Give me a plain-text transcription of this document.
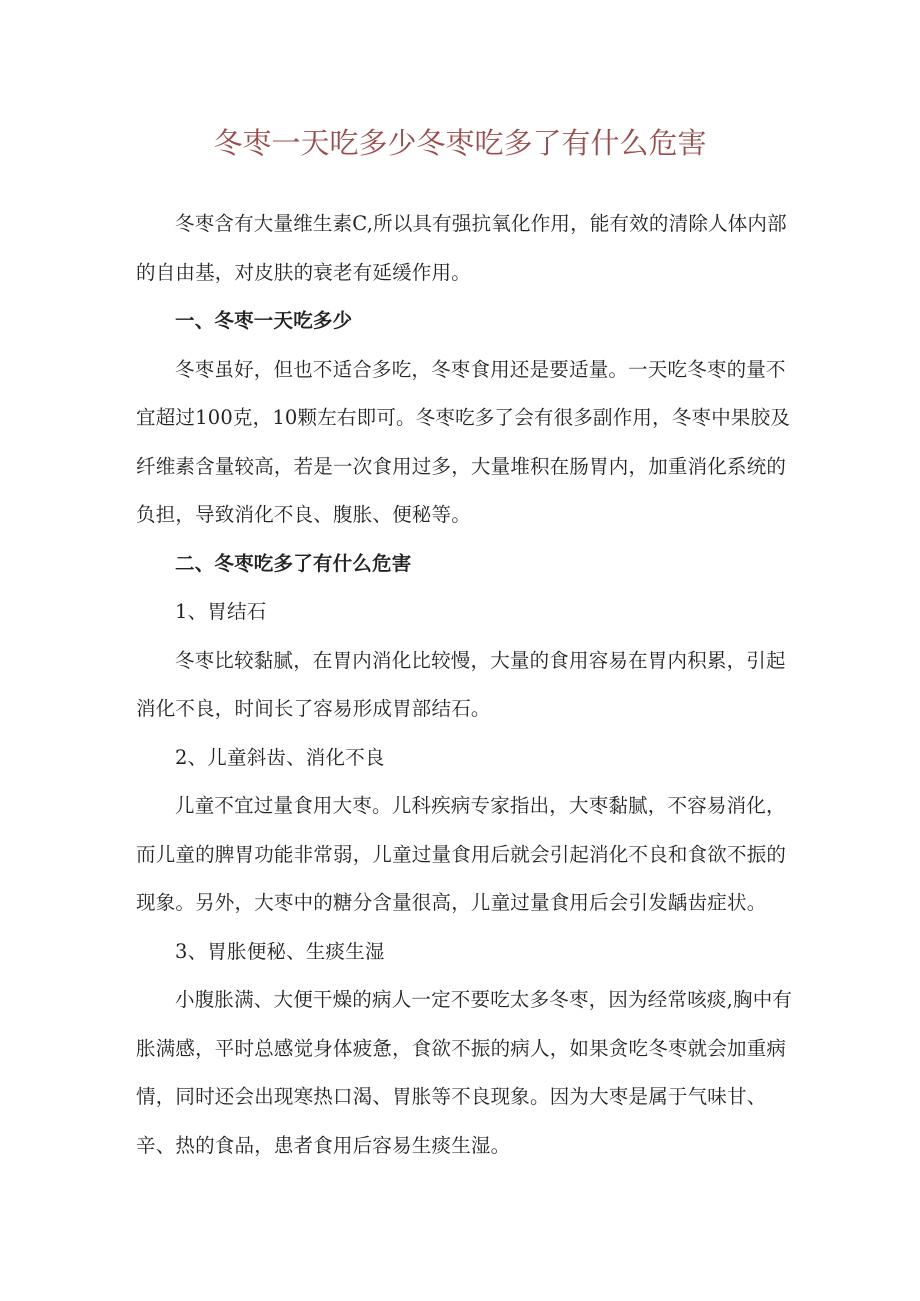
冬枣一天吃多少冬枣吃多了有什么危害

冬枣含有大量维生素C,所以具有强抗氧化作用，能有效的清除人体内部的自由基，对皮肤的衰老有延缓作用。

一、冬枣一天吃多少

冬枣虽好，但也不适合多吃，冬枣食用还是要适量。一天吃冬枣的量不宜超过100克，10颗左右即可。冬枣吃多了会有很多副作用，冬枣中果胶及纤维素含量较高，若是一次食用过多，大量堆积在肠胃内，加重消化系统的负担，导致消化不良、腹胀、便秘等。

二、冬枣吃多了有什么危害

1、胃结石

冬枣比较黏腻，在胃内消化比较慢，大量的食用容易在胃内积累，引起消化不良，时间长了容易形成胃部结石。

2、儿童斜齿、消化不良

儿童不宜过量食用大枣。儿科疾病专家指出，大枣黏腻，不容易消化，而儿童的脾胃功能非常弱，儿童过量食用后就会引起消化不良和食欲不振的现象。另外，大枣中的糖分含量很高，儿童过量食用后会引发龋齿症状。

3、胃胀便秘、生痰生湿

小腹胀满、大便干燥的病人一定不要吃太多冬枣，因为经常咳痰,胸中有胀满感，平时总感觉身体疲惫，食欲不振的病人，如果贪吃冬枣就会加重病情，同时还会出现寒热口渴、胃胀等不良现象。因为大枣是属于气味甘、辛、热的食品，患者食用后容易生痰生湿。
